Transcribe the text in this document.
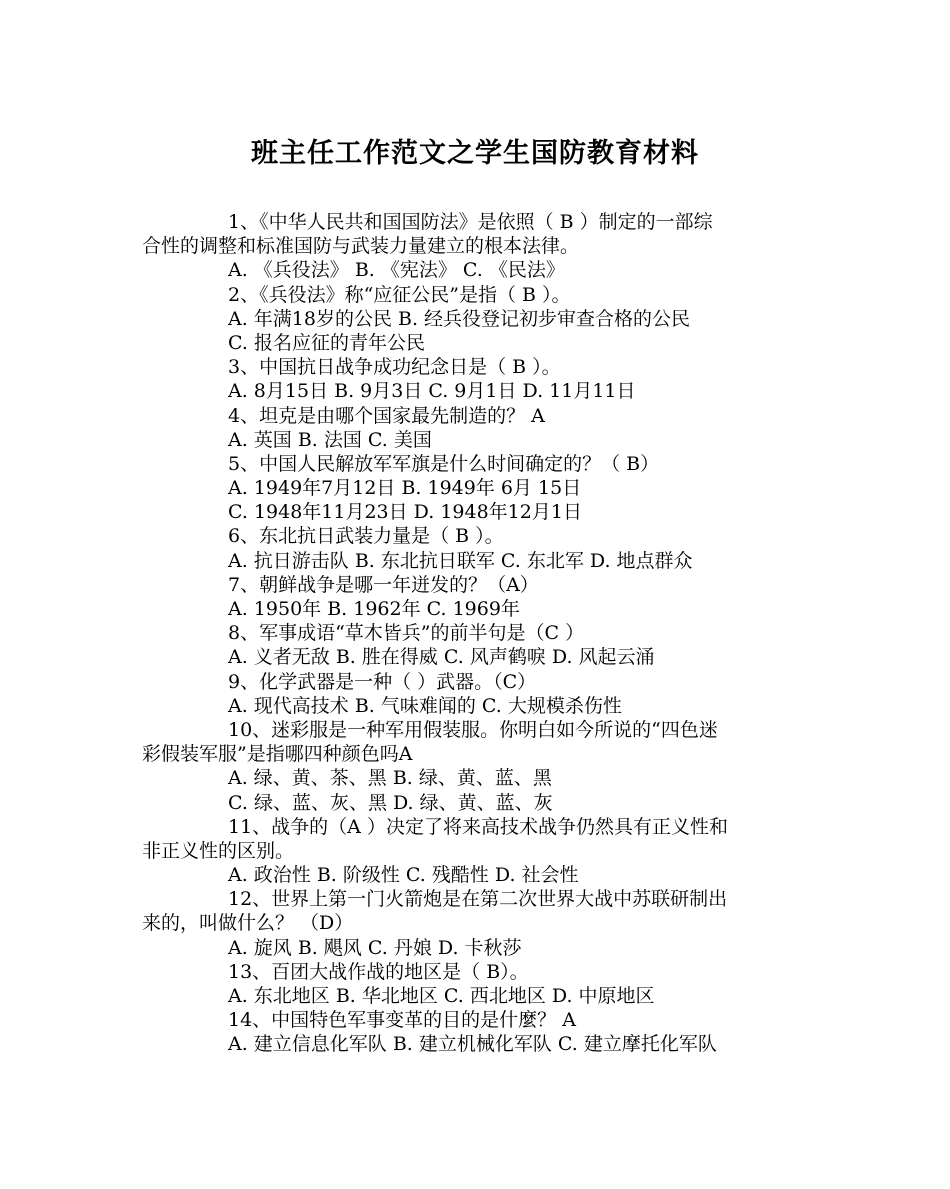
班主任工作范文之学生国防教育材料
1、《中华人民共和国国防法》是依照（ B ）制定的一部综
合性的调整和标准国防与武装力量建立的根本法律。
A. 《兵役法》 B. 《宪法》 C. 《民法》
2、《兵役法》称“应征公民”是指（ B ）。
A. 年满18岁的公民 B. 经兵役登记初步审查合格的公民
C. 报名应征的青年公民
3、中国抗日战争成功纪念日是（ B ）。
A. 8月15日 B. 9月3日 C. 9月1日 D. 11月11日
4、坦克是由哪个国家最先制造的？ A
A. 英国 B. 法国 C. 美国
5、中国人民解放军军旗是什么时间确定的？（ B）
A. 1949年7月12日 B. 1949年 6月 15日
C. 1948年11月23日 D. 1948年12月1日
6、东北抗日武装力量是（ B ）。
A. 抗日游击队 B. 东北抗日联军 C. 东北军 D. 地点群众
7、朝鲜战争是哪一年迸发的？（A）
A. 1950年 B. 1962年 C. 1969年
8、军事成语“草木皆兵”的前半句是（C ）
A. 义者无敌 B. 胜在得威 C. 风声鹤唳 D. 风起云涌
9、化学武器是一种（ ）武器。（C）
A. 现代高技术 B. 气味难闻的 C. 大规模杀伤性
10、迷彩服是一种军用假装服。你明白如今所说的“四色迷
彩假装军服”是指哪四种颜色吗A
A. 绿、黄、茶、黑 B. 绿、黄、蓝、黑
C. 绿、蓝、灰、黑 D. 绿、黄、蓝、灰
11、战争的（A ）决定了将来高技术战争仍然具有正义性和
非正义性的区别。
A. 政治性 B. 阶级性 C. 残酷性 D. 社会性
12、世界上第一门火箭炮是在第二次世界大战中苏联研制出
来的，叫做什么？ （D）
A. 旋风 B. 飓风 C. 丹娘 D. 卡秋莎
13、百团大战作战的地区是（ B）。
A. 东北地区 B. 华北地区 C. 西北地区 D. 中原地区
14、中国特色军事变革的目的是什麼？ A
A. 建立信息化军队 B. 建立机械化军队 C. 建立摩托化军队
